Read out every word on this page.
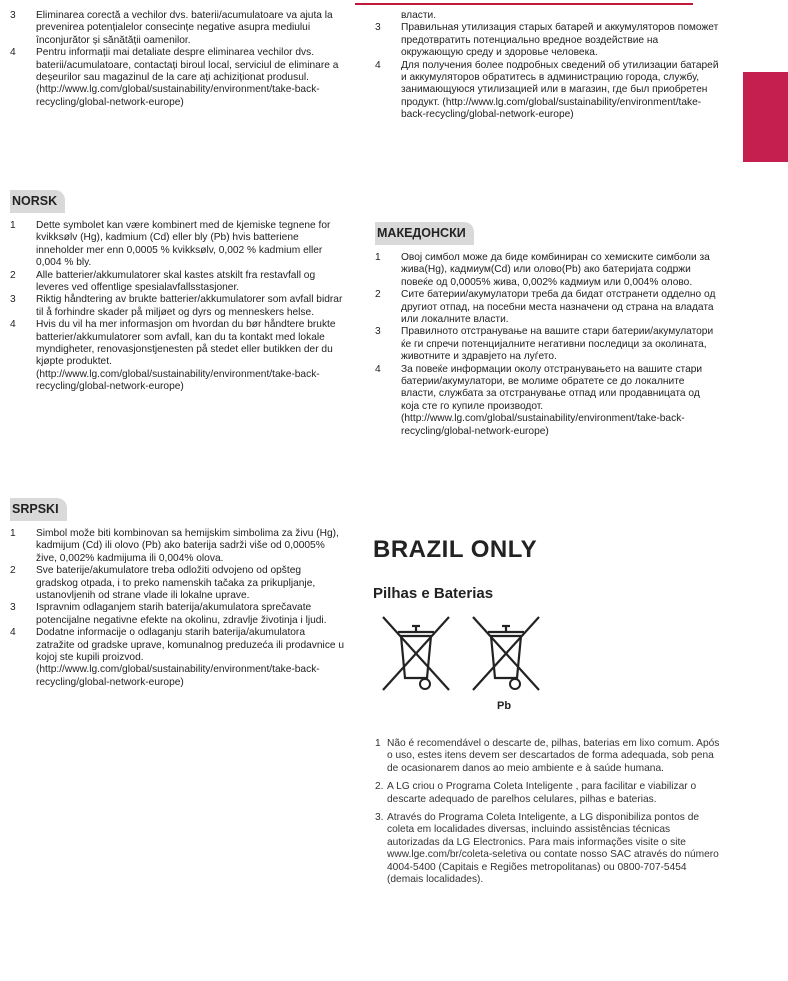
3 Eliminarea corectă a vechilor dvs. baterii/acumulatoare va ajuta la prevenirea potențialelor consecințe negative asupra mediului înconjurător și sănătății oamenilor.
4 Pentru informații mai detaliate despre eliminarea vechilor dvs. baterii/acumulatoare, contactați biroul local, serviciul de eliminare a deșeurilor sau magazinul de la care ați achiziționat produsul. (http://www.lg.com/global/sustainability/environment/take-back-recycling/global-network-europe)
NORSK
1 Dette symbolet kan være kombinert med de kjemiske tegnene for kvikksølv (Hg), kadmium (Cd) eller bly (Pb) hvis batteriene inneholder mer enn 0,0005 % kvikksølv, 0,002 % kadmium eller 0,004 % bly.
2 Alle batterier/akkumulatorer skal kastes atskilt fra restavfall og leveres ved offentlige spesialavfallsstasjoner.
3 Riktig håndtering av brukte batterier/akkumulatorer som avfall bidrar til å forhindre skader på miljøet og dyrs og menneskers helse.
4 Hvis du vil ha mer informasjon om hvordan du bør håndtere brukte batterier/akkumulatorer som avfall, kan du ta kontakt med lokale myndigheter, renovasjonstjenesten på stedet eller butikken der du kjøpte produktet. (http://www.lg.com/global/sustainability/environment/take-back-recycling/global-network-europe)
SRPSKI
1 Simbol može biti kombinovan sa hemijskim simbolima za živu (Hg), kadmijum (Cd) ili olovo (Pb) ako baterija sadrži više od 0,0005% žive, 0,002% kadmijuma ili 0,004% olova.
2 Sve baterije/akumulatore treba odložiti odvojeno od opšteg gradskog otpada, i to preko namenskih tačaka za prikupljanje, ustanovljenih od strane vlade ili lokalne uprave.
3 Ispravnim odlaganjem starih baterija/akumulatora sprečavate potencijalne negativne efekte na okolinu, zdravlje životinja i ljudi.
4 Dodatne informacije o odlaganju starih baterija/akumulatora zatražite od gradske uprave, komunalnog preduzeća ili prodavnice u kojoj ste kupili proizvod. (http://www.lg.com/global/sustainability/environment/take-back-recycling/global-network-europe)
власти.
3 Правильная утилизация старых батарей и аккумуляторов поможет предотвратить потенциально вредное воздействие на окружающую среду и здоровье человека.
4 Для получения более подробных сведений об утилизации батарей и аккумуляторов обратитесь в администрацию города, службу, занимающуюся утилизацией или в магазин, где был приобретен продукт. (http://www.lg.com/global/sustainability/environment/take-back-recycling/global-network-europe)
МАКЕДОНСКИ
1 Овој симбол може да биде комбиниран со хемиските симболи за жива(Hg), кадмиум(Cd) или олово(Pb) ако батеријата содржи повеќе од 0,0005% жива, 0,002% кадмиум или 0,004% олово.
2 Сите батерии/акумулатори треба да бидат отстранети одделно од другиот отпад, на посебни места назначени од страна на владата или локалните власти.
3 Правилното отстранување на вашите стари батерии/акумулатори ќе ги спречи потенцијалните негативни последици за околината, животните и здравјето на луѓето.
4 За повеќе информации околу отстранувањето на вашите стари батерии/акумулатори, ве молиме обратете се до локалните власти, службата за отстранување отпад или продавницата од која сте го купиле производот. (http://www.lg.com/global/sustainability/environment/take-back-recycling/global-network-europe)
BRAZIL ONLY
Pilhas e Baterias
Pb
1 Não é recomendável o descarte de, pilhas, baterias em lixo comum. Após o uso, estes itens devem ser descartados de forma adequada, sob pena de ocasionarem danos ao meio ambiente e à saúde humana.
2. A LG criou o Programa Coleta Inteligente , para facilitar e viabilizar o descarte adequado de parelhos celulares, pilhas e baterias.
3. Através do Programa Coleta Inteligente, a LG disponibiliza pontos de coleta em localidades diversas, incluindo assistências técnicas autorizadas da LG Electronics. Para mais informações visite o site www.lge.com/br/coleta-seletiva ou contate nosso SAC através do número 4004-5400 (Capitais e Regiões metropolitanas) ou 0800-707-5454 (demais localidades).
